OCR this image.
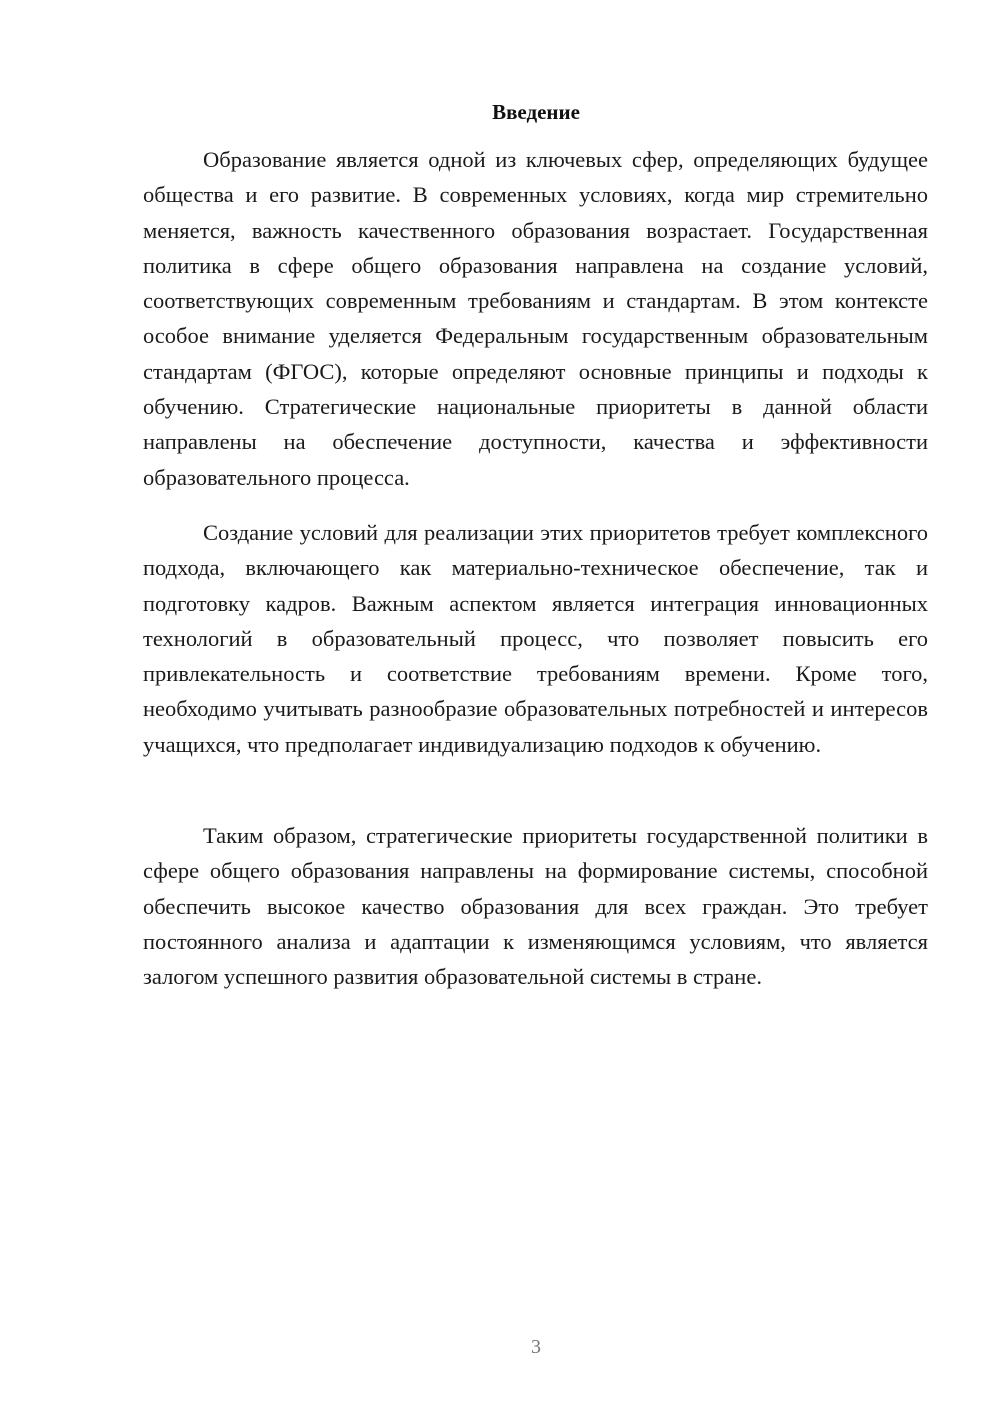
Введение

Образование является одной из ключевых сфер, определяющих будущее общества и его развитие. В современных условиях, когда мир стремительно меняется, важность качественного образования возрастает. Государственная политика в сфере общего образования направлена на создание условий, соответствующих современным требованиям и стандартам. В этом контексте особое внимание уделяется Федеральным государственным образовательным стандартам (ФГОС), которые определяют основные принципы и подходы к обучению. Стратегические национальные приоритеты в данной области направлены на обеспечение доступности, качества и эффективности образовательного процесса.

Создание условий для реализации этих приоритетов требует комплексного подхода, включающего как материально-техническое обеспечение, так и подготовку кадров. Важным аспектом является интеграция инновационных технологий в образовательный процесс, что позволяет повысить его привлекательность и соответствие требованиям времени. Кроме того, необходимо учитывать разнообразие образовательных потребностей и интересов учащихся, что предполагает индивидуализацию подходов к обучению.

Таким образом, стратегические приоритеты государственной политики в сфере общего образования направлены на формирование системы, способной обеспечить высокое качество образования для всех граждан. Это требует постоянного анализа и адаптации к изменяющимся условиям, что является залогом успешного развития образовательной системы в стране.

3
